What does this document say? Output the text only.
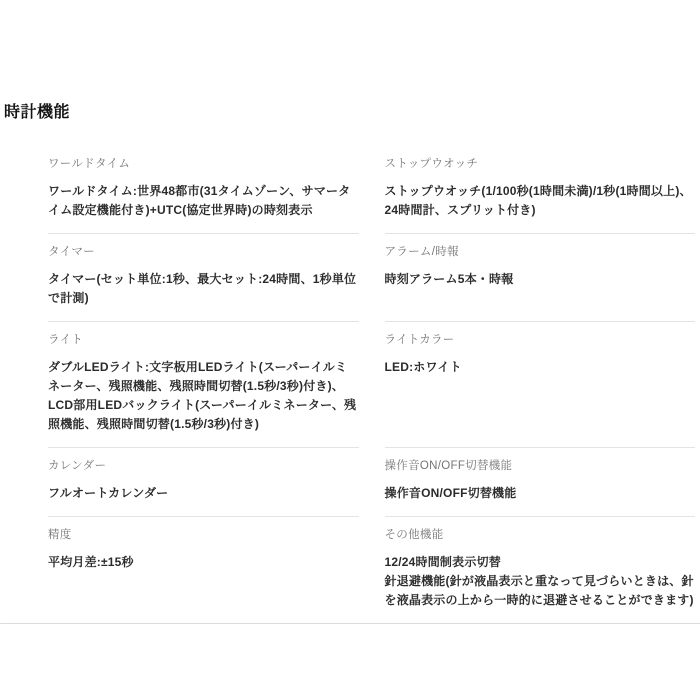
時計機能
ワールドタイム
ワールドタイム:世界48都市(31タイムゾーン、サマータイム設定機能付き)+UTC(協定世界時)の時刻表示
ストップウオッチ
ストップウオッチ(1/100秒(1時間未満)/1秒(1時間以上)、24時間計、スプリット付き)
タイマー
タイマー(セット単位:1秒、最大セット:24時間、1秒単位で計測)
アラーム/時報
時刻アラーム5本・時報
ライト
ダブルLEDライト:文字板用LEDライト(スーパーイルミネーター、残照機能、残照時間切替(1.5秒/3秒)付き)、LCD部用LEDバックライト(スーパーイルミネーター、残照機能、残照時間切替(1.5秒/3秒)付き)
ライトカラー
LED:ホワイト
カレンダー
フルオートカレンダー
操作音ON/OFF切替機能
操作音ON/OFF切替機能
精度
平均月差:±15秒
その他機能
12/24時間制表示切替
針退避機能(針が液晶表示と重なって見づらいときは、針を液晶表示の上から一時的に退避させることができます)
